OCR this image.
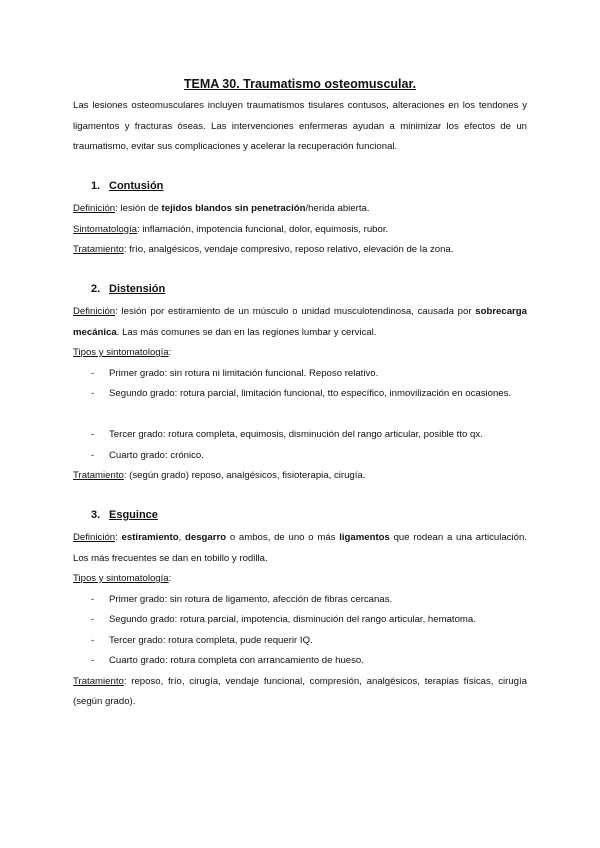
TEMA 30. Traumatismo osteomuscular.
Las lesiones osteomusculares incluyen traumatismos tisulares contusos, alteraciones en los tendones y ligamentos y fracturas óseas. Las intervenciones enfermeras ayudan a minimizar los efectos de un traumatismo, evitar sus complicaciones y acelerar la recuperación funcional.
1. Contusión
Definición: lesión de tejidos blandos sin penetración/herida abierta.
Sintomatología: inflamación, impotencia funcional, dolor, equimosis, rubor.
Tratamiento: frío, analgésicos, vendaje compresivo, reposo relativo, elevación de la zona.
2. Distensión
Definición: lesión por estiramiento de un músculo o unidad musculotendinosa, causada por sobrecarga mecánica. Las más comunes se dan en las regiones lumbar y cervical.
Tipos y sintomatología:
- Primer grado: sin rotura ni limitación funcional. Reposo relativo.
- Segundo grado: rotura parcial, limitación funcional, tto específico, inmovilización en ocasiones.
- Tercer grado: rotura completa, equimosis, disminución del rango articular, posible tto qx.
- Cuarto grado: crónico.
Tratamiento: (según grado) reposo, analgésicos, fisioterapia, cirugía.
3. Esguince
Definición: estiramiento, desgarro o ambos, de uno o más ligamentos que rodean a una articulación. Los más frecuentes se dan en tobillo y rodilla.
Tipos y sintomatología:
- Primer grado: sin rotura de ligamento, afección de fibras cercanas.
- Segundo grado: rotura parcial, impotencia, disminución del rango articular, hematoma.
- Tercer grado: rotura completa, pude requerir IQ.
- Cuarto grado: rotura completa con arrancamiento de hueso.
Tratamiento: reposo, frío, cirugía, vendaje funcional, compresión, analgésicos, terapias físicas, cirugía (según grado).
